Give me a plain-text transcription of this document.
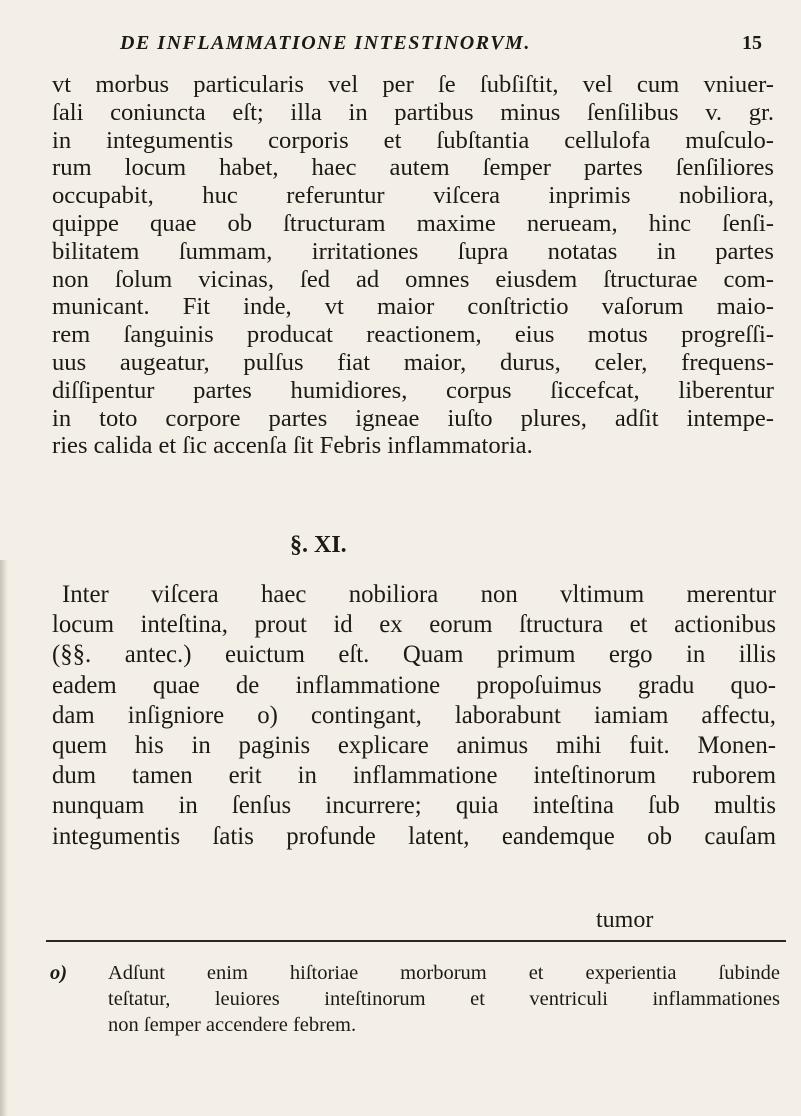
DE INFLAMMATIONE INTESTINORVM.	15
vt morbus particularis vel per ſe ſubſiſtit, vel cum vniuer-
ſali coniuncta eſt; illa in partibus minus ſenſilibus v. gr.
in integumentis corporis et ſubſtantia cellulofa muſculo-
rum locum habet, haec autem ſemper partes ſenſiliores
occupabit, huc referuntur viſcera inprimis nobiliora,
quippe quae ob ſtructuram maxime nerueam, hinc ſenſi-
bilitatem ſummam, irritationes ſupra notatas in partes
non ſolum vicinas, ſed ad omnes eiusdem ſtructurae com-
municant. Fit inde, vt maior conſtrictio vaſorum maio-
rem ſanguinis producat reactionem, eius motus progreſſi-
uus augeatur, pulſus fiat maior, durus, celer, frequens-
diſſipentur partes humidiores, corpus ſiccefcat, liberentur
in toto corpore partes igneae iuſto plures, adſit intempe-
ries calida et ſic accenſa ſit Febris inflammatoria.
§. XI.
Inter viſcera haec nobiliora non vltimum merentur
locum inteſtina, prout id ex eorum ſtructura et actionibus
(§§. antec.) euictum eſt. Quam primum ergo in illis
eadem quae de inflammatione propoſuimus gradu quo-
dam inſigniore o) contingant, laborabunt iamiam affectu,
quem his in paginis explicare animus mihi fuit. Monen-
dum tamen erit in inflammatione inteſtinorum ruborem
nunquam in ſenſus incurrere; quia inteſtina ſub multis
integumentis ſatis profunde latent, eandemque ob cauſam
tumor
o)	Adſunt enim hiſtoriae morborum et experientia ſubinde
teſtatur, leuiores inteſtinorum et ventriculi inflammationes
non ſemper accendere febrem.
